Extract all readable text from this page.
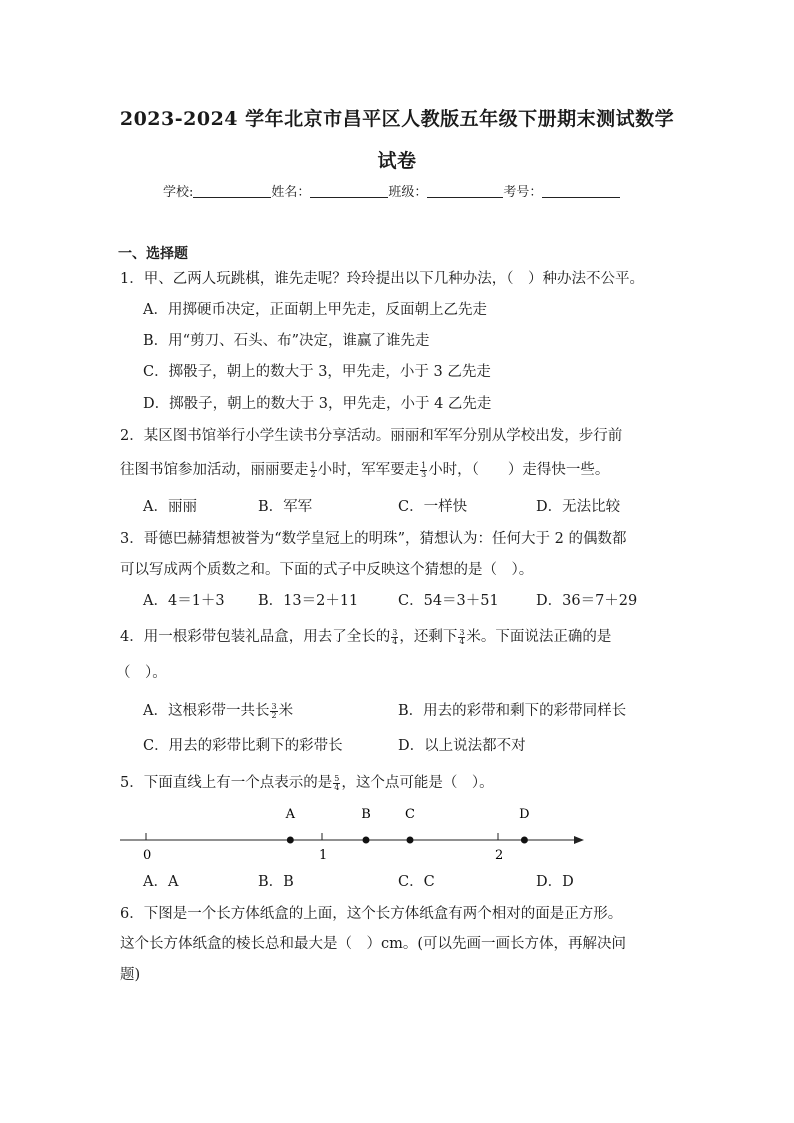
2023-2024 学年北京市昌平区人教版五年级下册期末测试数学
试卷
学校:	姓名：	班级：	考号：
一、选择题
1．甲、乙两人玩跳棋，谁先走呢？玲玲提出以下几种办法，（　）种办法不公平。
A．用掷硬币决定，正面朝上甲先走，反面朝上乙先走
B．用“剪刀、石头、布”决定，谁赢了谁先走
C．掷骰子，朝上的数大于 3，甲先走，小于 3 乙先走
D．掷骰子，朝上的数大于 3，甲先走，小于 4 乙先走
2．某区图书馆举行小学生读书分享活动。丽丽和军军分别从学校出发，步行前
往图书馆参加活动，丽丽要走 $\frac{1}{2}$ 小时，军军要走 $\frac{1}{3}$ 小时，（　　）走得快一些。
A．丽丽	B．军军	C．一样快	D．无法比较
3．哥德巴赫猜想被誉为“数学皇冠上的明珠”，猜想认为：任何大于 2 的偶数都
可以写成两个质数之和。下面的式子中反映这个猜想的是（　）。
A．4＝1＋3 B．13＝2＋11	C．54＝3＋51	D．36＝7＋29
4．用一根彩带包装礼品盒，用去了全长的 $\frac{3}{4}$ ，还剩下 $\frac{3}{4}$ 米。下面说法正确的是
（　）。
A．这根彩带一共长 $\frac{3}{2}$ 米	B．用去的彩带和剩下的彩带同样长
C．用去的彩带比剩下的彩带长	D．以上说法都不对
5．下面直线上有一个点表示的是 $\frac{5}{4}$ ，这个点可能是（　）。
0	1	2
A	B	C	D
A．A	B．B	C．C	D．D
6．下图是一个长方体纸盒的上面，这个长方体纸盒有两个相对的面是正方形。
这个长方体纸盒的棱长总和最大是（　）cm。(可以先画一画长方体，再解决问
题)
